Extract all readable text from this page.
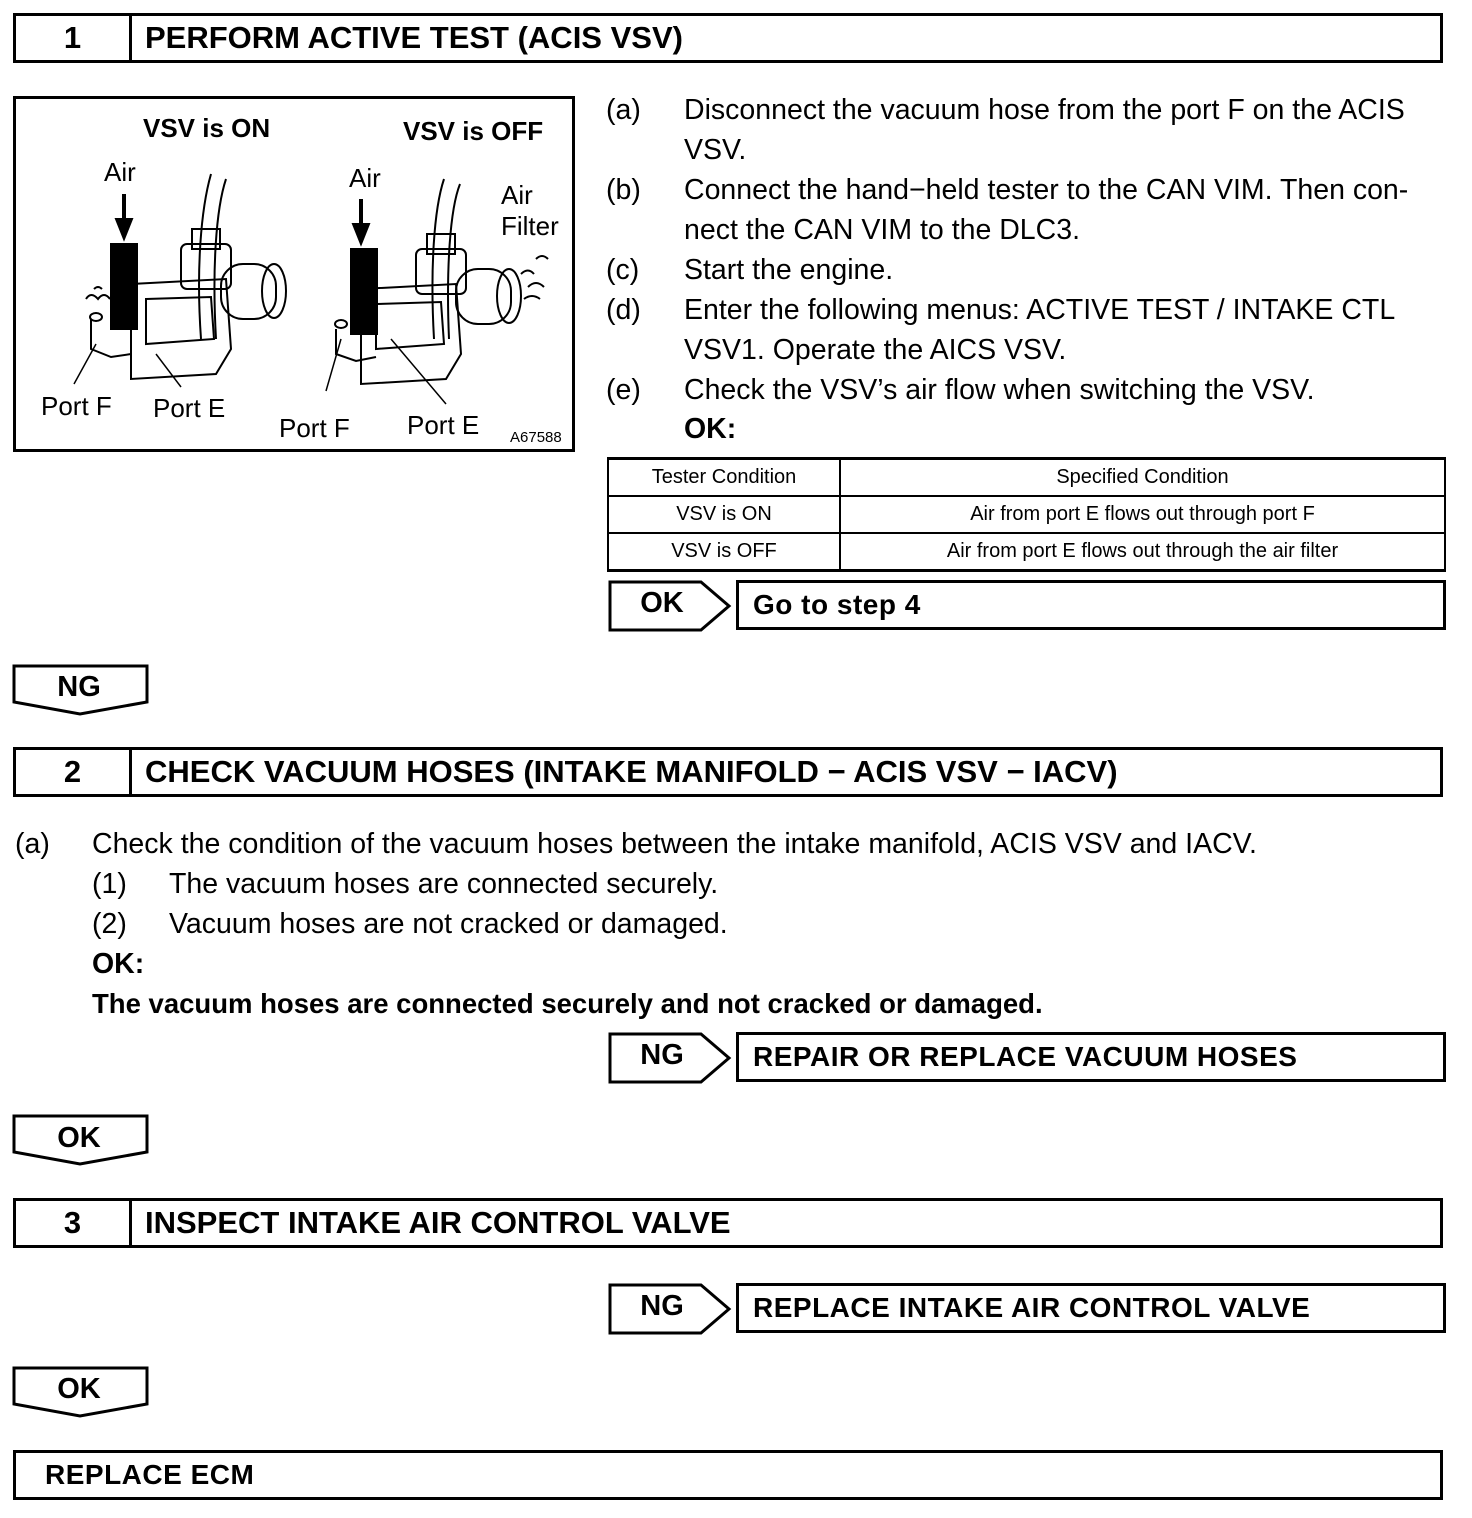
1	PERFORM ACTIVE TEST (ACIS VSV)
VSV is ON	VSV is OFF
Air	Air
Air
Filter
Port F Port E
Port F Port E A67588
(a) Disconnect the vacuum hose from the port F on the ACIS
VSV.
(b) Connect the hand−held tester to the CAN VIM. Then con-
nect the CAN VIM to the DLC3.
(c) Start the engine.
(d) Enter the following menus: ACTIVE TEST / INTAKE CTL
VSV1. Operate the AICS VSV.
(e) Check the VSV’s air flow when switching the VSV.
OK:
Tester Condition	Specified Condition
VSV is ON	Air from port E flows out through port F
VSV is OFF	Air from port E flows out through the air filter
OK	Go to step 4
NG
2	CHECK VACUUM HOSES (INTAKE MANIFOLD − ACIS VSV − IACV)
(a) Check the condition of the vacuum hoses between the intake manifold, ACIS VSV and IACV.
(1) The vacuum hoses are connected securely.
(2) Vacuum hoses are not cracked or damaged.
OK:
The vacuum hoses are connected securely and not cracked or damaged.
NG	REPAIR OR REPLACE VACUUM HOSES
OK
3	INSPECT INTAKE AIR CONTROL VALVE
NG	REPLACE INTAKE AIR CONTROL VALVE
OK
REPLACE ECM
